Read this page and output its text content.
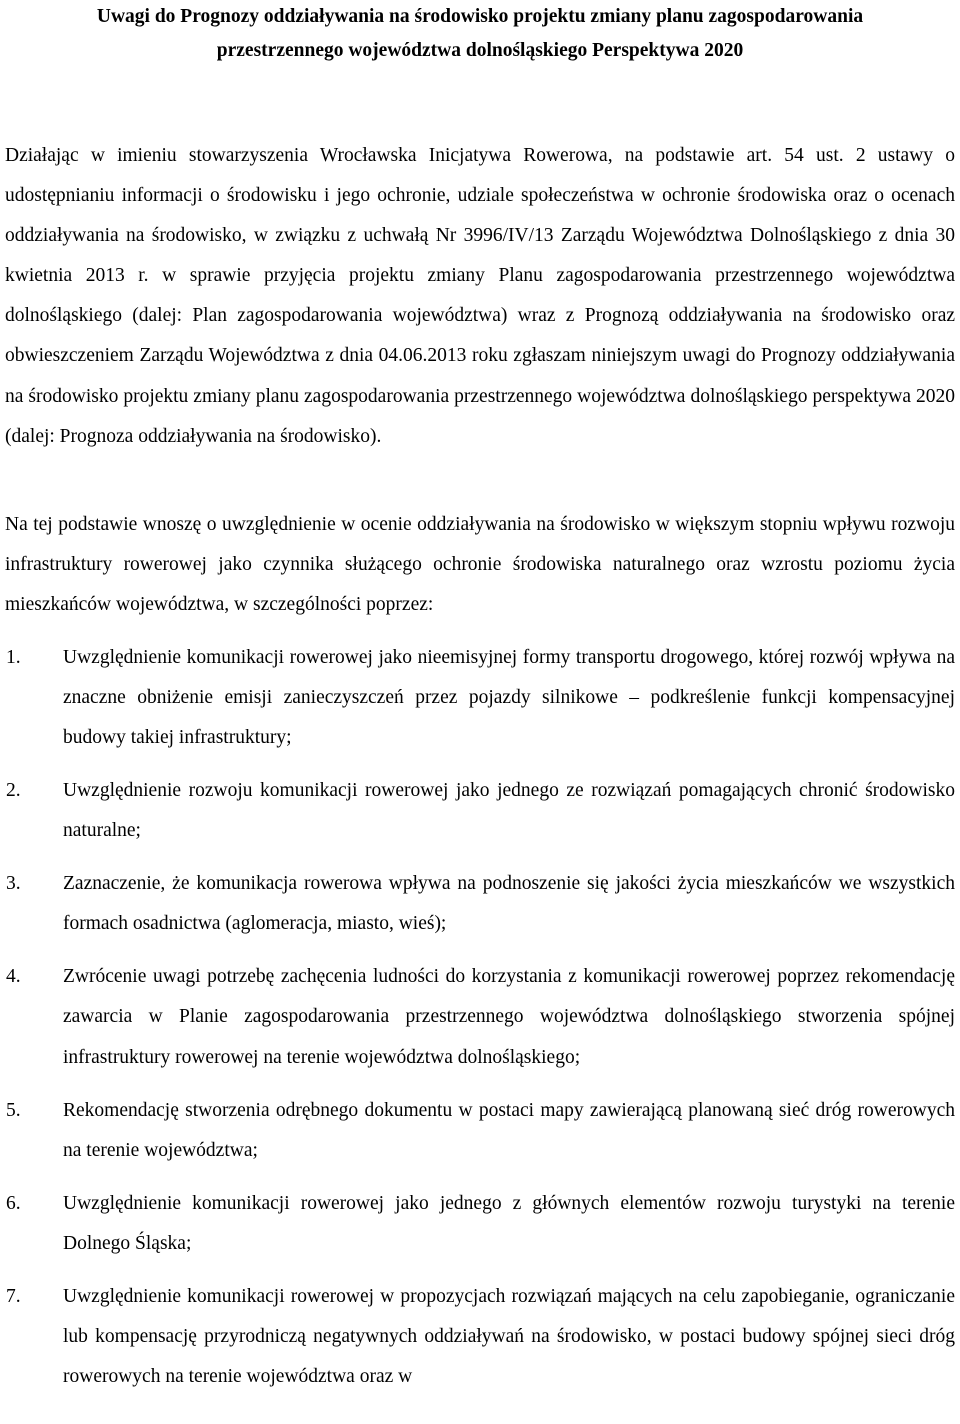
Uwagi do Prognozy oddziaływania na środowisko projektu zmiany planu zagospodarowania
przestrzennego województwa dolnośląskiego Perspektywa 2020
Działając w imieniu stowarzyszenia Wrocławska Inicjatywa Rowerowa, na podstawie art. 54 ust. 2 ustawy o udostępnianiu informacji o środowisku i jego ochronie, udziale społeczeństwa w ochronie środowiska oraz o ocenach oddziaływania na środowisko, w związku z uchwałą Nr 3996/IV/13 Zarządu Województwa Dolnośląskiego z dnia 30 kwietnia 2013 r. w sprawie przyjęcia projektu zmiany Planu zagospodarowania przestrzennego województwa dolnośląskiego (dalej: Plan zagospodarowania województwa) wraz z Prognozą oddziaływania na środowisko oraz obwieszczeniem Zarządu Województwa z dnia 04.06.2013 roku zgłaszam niniejszym uwagi do Prognozy oddziaływania na środowisko projektu zmiany planu zagospodarowania przestrzennego województwa dolnośląskiego perspektywa 2020 (dalej: Prognoza oddziaływania na środowisko).
Na tej podstawie wnoszę o uwzględnienie w ocenie oddziaływania na środowisko w większym stopniu wpływu rozwoju infrastruktury rowerowej jako czynnika służącego ochronie środowiska naturalnego oraz wzrostu poziomu życia mieszkańców województwa, w szczególności poprzez:
1. Uwzględnienie komunikacji rowerowej jako nieemisyjnej formy transportu drogowego, której rozwój wpływa na znaczne obniżenie emisji zanieczyszczeń przez pojazdy silnikowe – podkreślenie funkcji kompensacyjnej budowy takiej infrastruktury;
2. Uwzględnienie rozwoju komunikacji rowerowej jako jednego ze rozwiązań pomagających chronić środowisko naturalne;
3. Zaznaczenie, że komunikacja rowerowa wpływa na podnoszenie się jakości życia mieszkańców we wszystkich formach osadnictwa (aglomeracja, miasto, wieś);
4. Zwrócenie uwagi potrzebę zachęcenia ludności do korzystania z komunikacji rowerowej poprzez rekomendację zawarcia w Planie zagospodarowania przestrzennego województwa dolnośląskiego stworzenia spójnej infrastruktury rowerowej na terenie województwa dolnośląskiego;
5. Rekomendację stworzenia odrębnego dokumentu w postaci mapy zawierającą planowaną sieć dróg rowerowych na terenie województwa;
6. Uwzględnienie komunikacji rowerowej jako jednego z głównych elementów rozwoju turystyki na terenie Dolnego Śląska;
7. Uwzględnienie komunikacji rowerowej w propozycjach rozwiązań mających na celu zapobieganie, ograniczanie lub kompensację przyrodniczą negatywnych oddziaływań na środowisko, w postaci budowy spójnej sieci dróg rowerowych na terenie województwa oraz w
